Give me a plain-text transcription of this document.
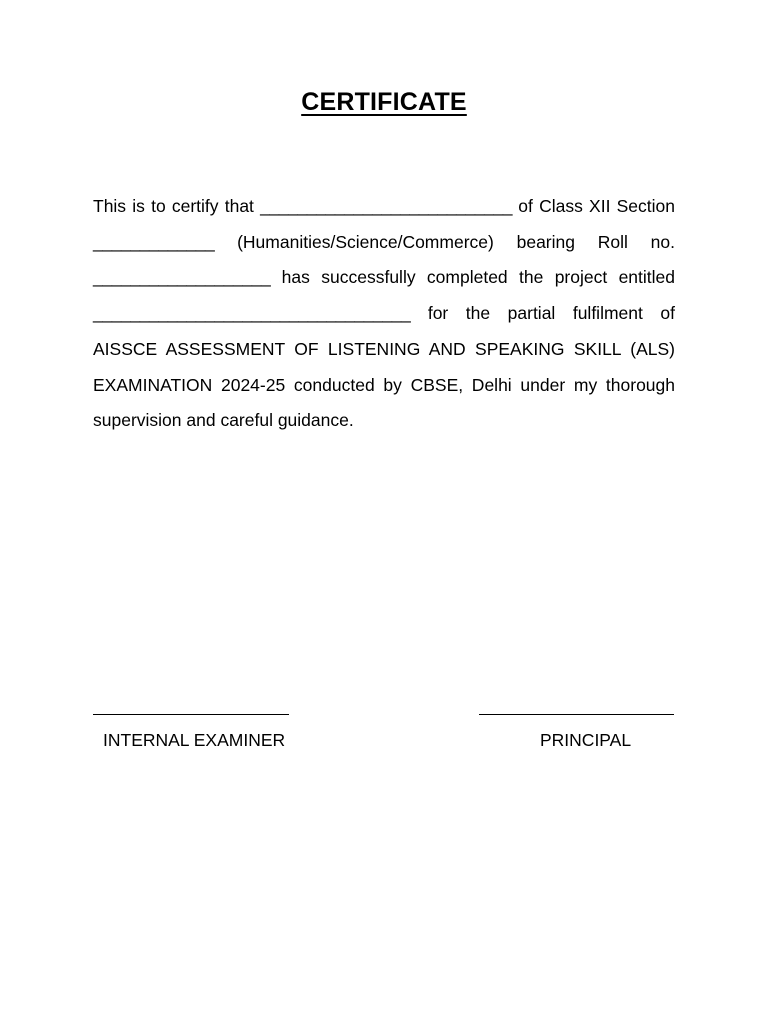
CERTIFICATE

This is to certify that ___________________________ of Class XII Section _____________ (Humanities/Science/Commerce) bearing Roll no. ___________________ has successfully completed the project entitled __________________________________ for the partial fulfilment of AISSCE ASSESSMENT OF LISTENING AND SPEAKING SKILL (ALS) EXAMINATION 2024-25 conducted by CBSE, Delhi under my thorough supervision and careful guidance.

INTERNAL EXAMINER	PRINCIPAL
